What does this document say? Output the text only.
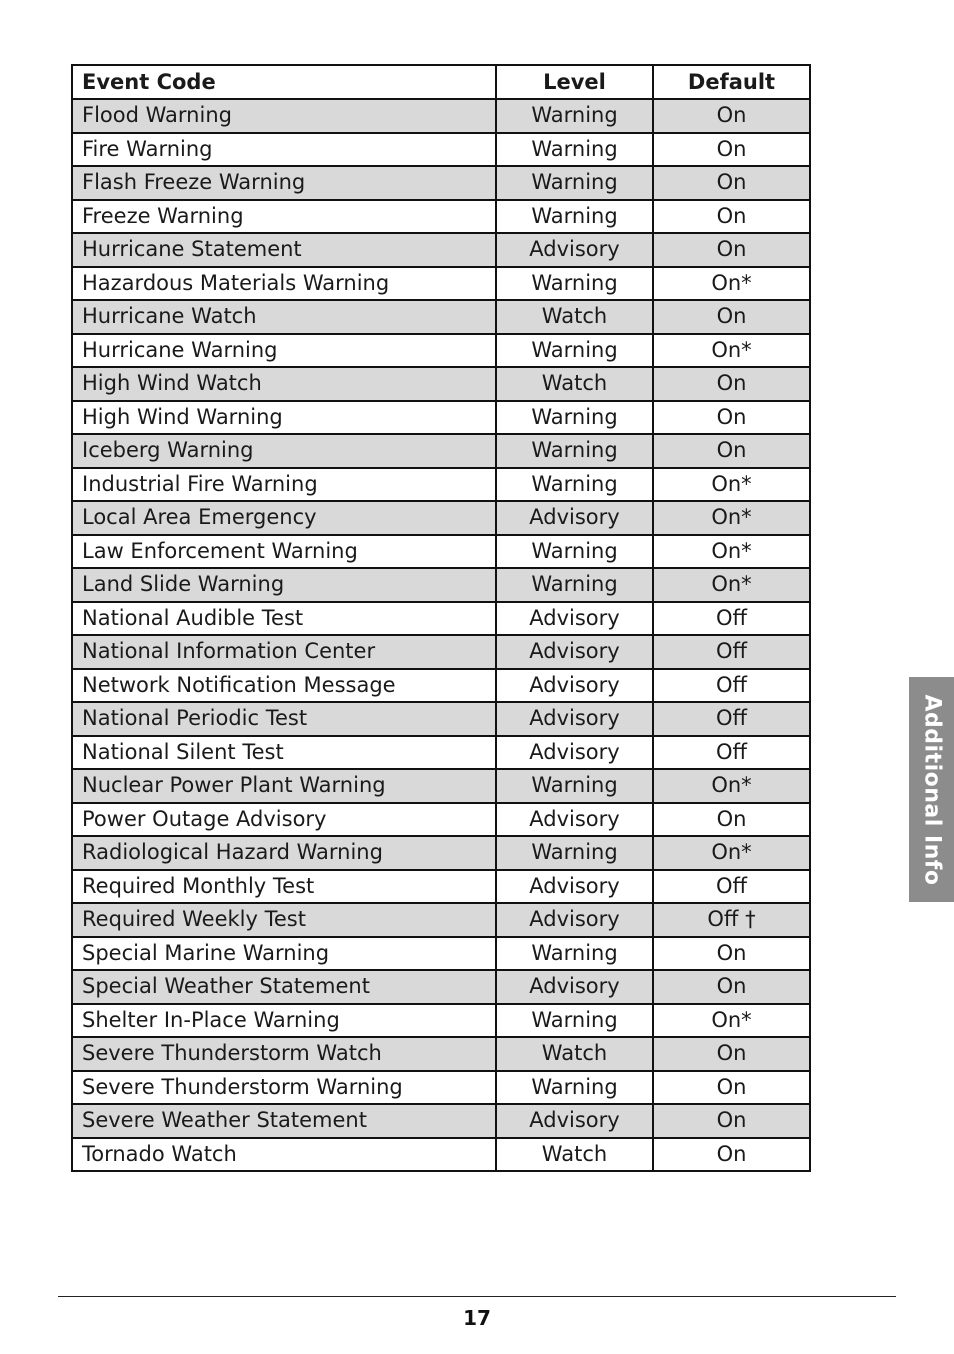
Event Code	Level	Default
Flood Warning	Warning	On
Fire Warning	Warning	On
Flash Freeze Warning	Warning	On
Freeze Warning	Warning	On
Hurricane Statement	Advisory	On
Hazardous Materials Warning	Warning	On*
Hurricane Watch	Watch	On
Hurricane Warning	Warning	On*
High Wind Watch	Watch	On
High Wind Warning	Warning	On
Iceberg Warning	Warning	On
Industrial Fire Warning	Warning	On*
Local Area Emergency	Advisory	On*
Law Enforcement Warning	Warning	On*
Land Slide Warning	Warning	On*
National Audible Test	Advisory	Off
National Information Center	Advisory	Off
Network Notification Message	Advisory	Off
National Periodic Test	Advisory	Off
National Silent Test	Advisory	Off
Nuclear Power Plant Warning	Warning	On*
Power Outage Advisory	Advisory	On
Radiological Hazard Warning	Warning	On*
Required Monthly Test	Advisory	Off
Required Weekly Test	Advisory	Off †
Special Marine Warning	Warning	On
Special Weather Statement	Advisory	On
Shelter In-Place Warning	Warning	On*
Severe Thunderstorm Watch	Watch	On
Severe Thunderstorm Warning	Warning	On
Severe Weather Statement	Advisory	On
Tornado Watch	Watch	On
Additional Info
17
